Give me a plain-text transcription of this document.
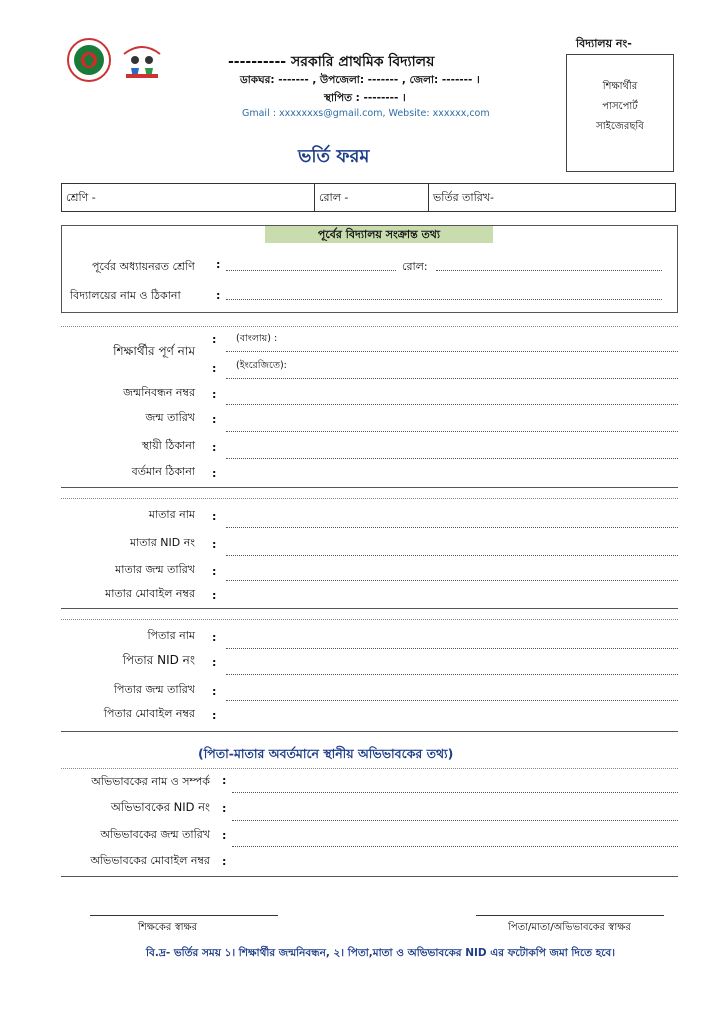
---------- সরকারি প্রাথমিক বিদ্যালয়
ডাকঘর: ------- , উপজেলা: ------- , জেলা: ------- ।
স্থাপিত : -------- ।
Gmail : xxxxxxxs@gmail.com, Website: xxxxxx,com
বিদ্যালয় নং-
শিক্ষার্থীর
পাসপোর্ট
সাইজেরছবি
ভর্তি ফরম
শ্রেণি -	রোল -	ভর্তির তারিখ-
পূর্বের বিদ্যালয় সংক্রান্ত তথ্য
পূর্বের অধ্যায়নরত শ্রেণি :	রোল:
বিদ্যালয়ের নাম ও ঠিকানা	:
শিক্ষার্থীর পূর্ণ নাম
: (বাংলায়) :
: (ইংরেজিতে):
জন্মনিবন্ধন নম্বর :
জন্ম তারিখ :
স্থায়ী ঠিকানা :
বর্তমান ঠিকানা :
মাতার নাম :
মাতার NID নং :
মাতার জন্ম তারিখ :
মাতার মোবাইল নম্বর :
পিতার নাম :
পিতার NID নং :
পিতার জন্ম তারিখ :
পিতার মোবাইল নম্বর :
(পিতা-মাতার অবর্তমানে স্থানীয় অভিভাবকের তথ্য)
অভিভাবকের নাম ও সম্পর্ক :
অভিভাবকের NID নং :
অভিভাবকের জন্ম তারিখ :
অভিভাবকের মোবাইল নম্বর :
শিক্ষকের স্বাক্ষর	পিতা/মাতা/অভিভাবকের স্বাক্ষর
বি.দ্র- ভর্তির সময় ১। শিক্ষার্থীর জন্মনিবন্ধন, ২। পিতা,মাতা ও অভিভাবকের NID এর ফটোকপি জমা দিতে হবে।
